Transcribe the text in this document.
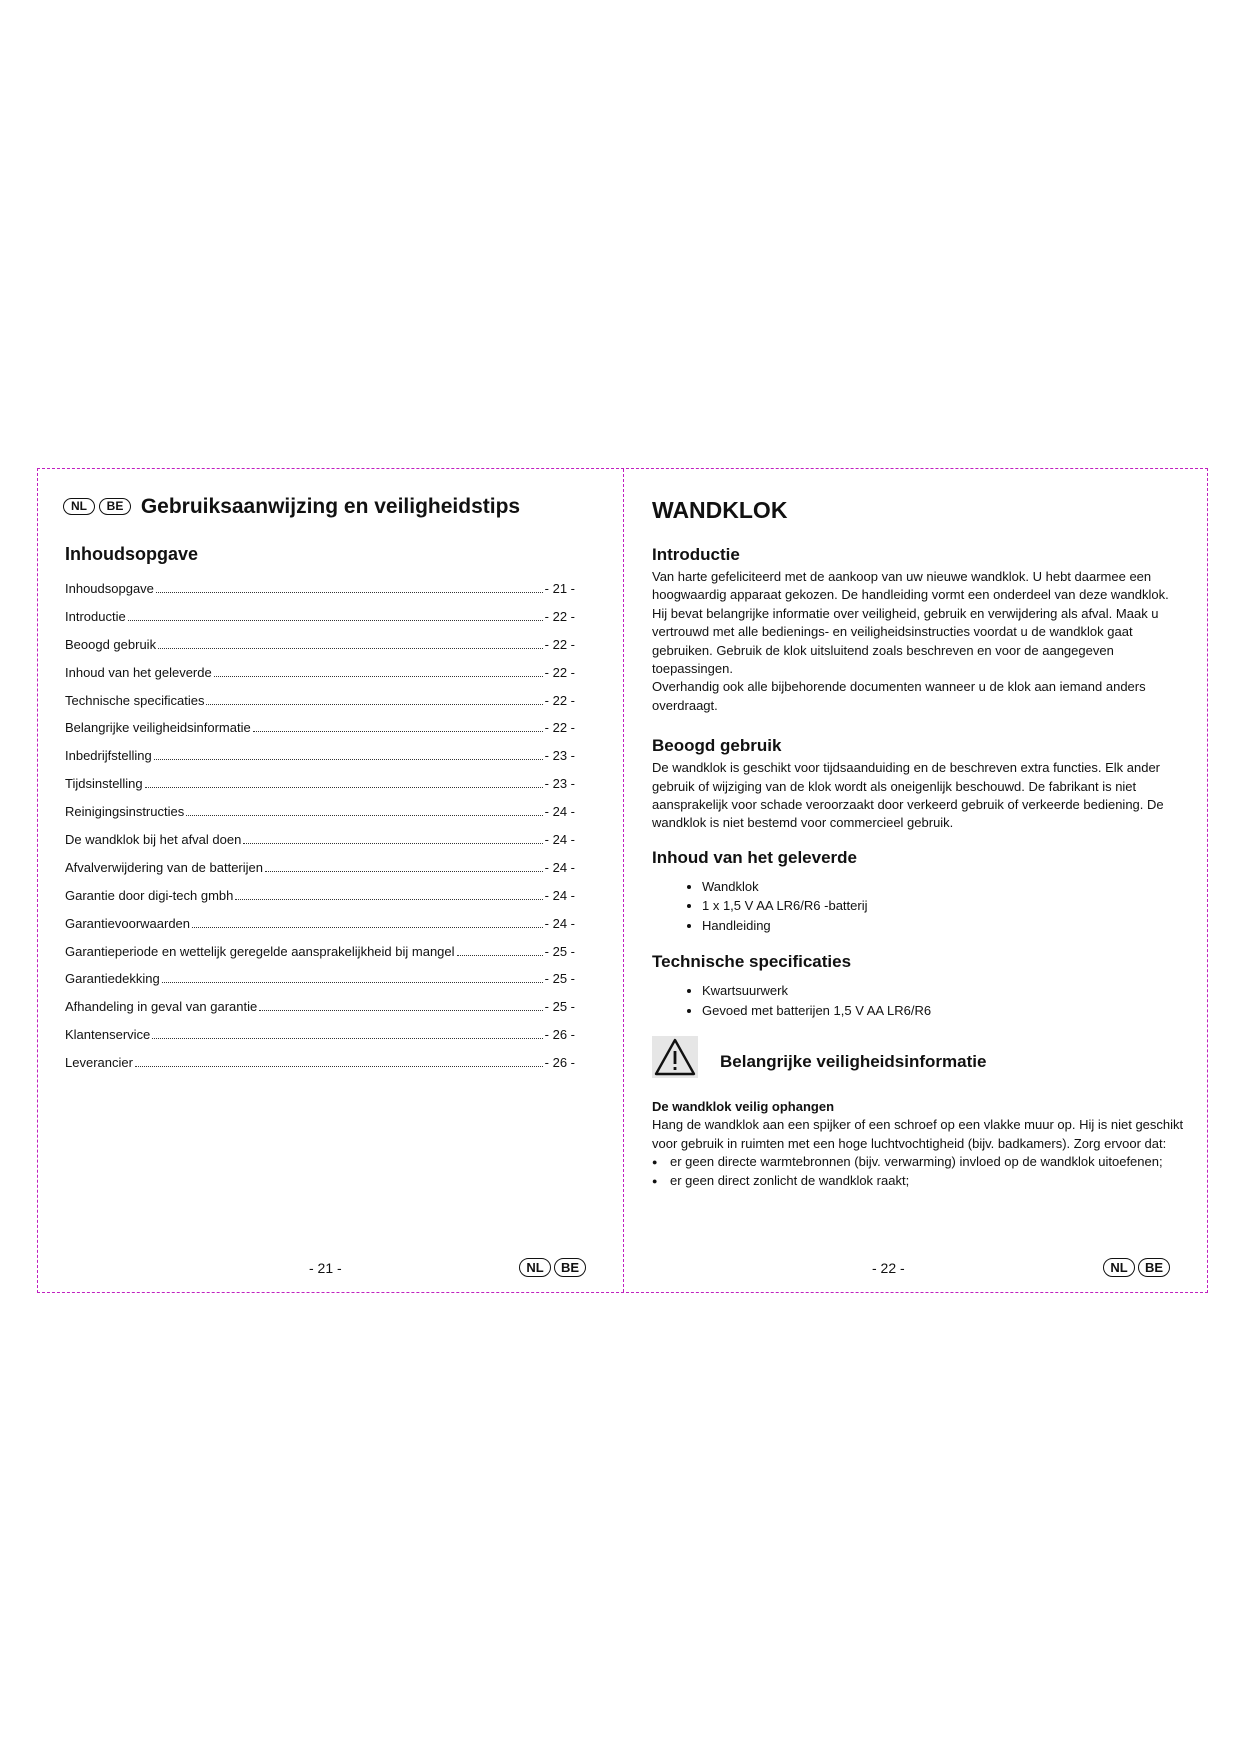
NL BE Gebruiksaanwijzing en veiligheidstips
Inhoudsopgave
Inhoudsopgave	- 21 -
Introductie	- 22 -
Beoogd gebruik	- 22 -
Inhoud van het geleverde	- 22 -
Technische specificaties	- 22 -
Belangrijke veiligheidsinformatie	- 22 -
Inbedrijfstelling	- 23 -
Tijdsinstelling	- 23 -
Reinigingsinstructies	- 24 -
De wandklok bij het afval doen	- 24 -
Afvalverwijdering van de batterijen	- 24 -
Garantie door digi-tech gmbh	- 24 -
Garantievoorwaarden	- 24 -
Garantieperiode en wettelijk geregelde aansprakelijkheid bij mangel	- 25 -
Garantiedekking	- 25 -
Afhandeling in geval van garantie	- 25 -
Klantenservice	- 26 -
Leverancier	- 26 -
- 21 -	NL BE
WANDKLOK
Introductie

Van harte gefeliciteerd met de aankoop van uw nieuwe wandklok. U hebt daarmee een hoogwaardig apparaat gekozen. De handleiding vormt een onderdeel van deze wandklok. Hij bevat belangrijke informatie over veiligheid, gebruik en verwijdering als afval. Maak u vertrouwd met alle bedienings- en veiligheidsinstructies voordat u de wandklok gaat gebruiken. Gebruik de klok uitsluitend zoals beschreven en voor de aangegeven toepassingen.

Overhandig ook alle bijbehorende documenten wanneer u de klok aan iemand anders overdraagt.

Beoogd gebruik

De wandklok is geschikt voor tijdsaanduiding en de beschreven extra functies. Elk ander gebruik of wijziging van de klok wordt als oneigenlijk beschouwd. De fabrikant is niet aansprakelijk voor schade veroorzaakt door verkeerd gebruik of verkeerde bediening. De wandklok is niet bestemd voor commercieel gebruik.

Inhoud van het geleverde
• Wandklok
• 1 x 1,5 V AA LR6/R6 -batterij
• Handleiding
Technische specificaties
• Kwartsuurwerk
• Gevoed met batterijen 1,5 V AA LR6/R6
Belangrijke veiligheidsinformatie
De wandklok veilig ophangen

Hang de wandklok aan een spijker of een schroef op een vlakke muur op. Hij is niet geschikt voor gebruik in ruimten met een hoge luchtvochtigheid (bijv. badkamers). Zorg ervoor dat:

● er geen directe warmtebronnen (bijv. verwarming) invloed op de wandklok uitoefenen;
● er geen direct zonlicht de wandklok raakt;
- 22 -	NL BE
